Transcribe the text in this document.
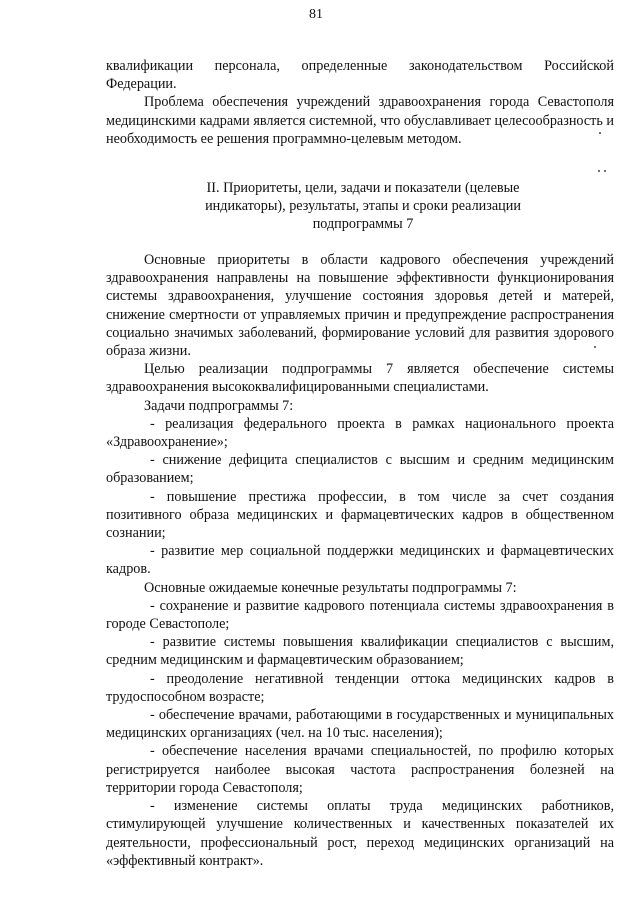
81

квалификации персонала, определенные законодательством Российской Федерации.

Проблема обеспечения учреждений здравоохранения города Севастополя медицинскими кадрами является системной, что обуславливает целесообразность и необходимость ее решения программно-целевым методом.

II. Приоритеты, цели, задачи и показатели (целевые

индикаторы), результаты, этапы и сроки реализации

подпрограммы 7

Основные приоритеты в области кадрового обеспечения учреждений здравоохранения направлены на повышение эффективности функционирования системы здравоохранения, улучшение состояния здоровья детей и матерей, снижение смертности от управляемых причин и предупреждение распространения социально значимых заболеваний, формирование условий для развития здорового образа жизни.

Целью реализации подпрограммы 7 является обеспечение системы здравоохранения высококвалифицированными специалистами.

Задачи подпрограммы 7:

- реализация федерального проекта в рамках национального проекта «Здравоохранение»;

- снижение дефицита специалистов с высшим и средним медицинским образованием;

- повышение престижа профессии, в том числе за счет создания позитивного образа медицинских и фармацевтических кадров в общественном сознании;

- развитие мер социальной поддержки медицинских и фармацевтических кадров.

Основные ожидаемые конечные результаты подпрограммы 7:

- сохранение и развитие кадрового потенциала системы здравоохранения в городе Севастополе;

- развитие системы повышения квалификации специалистов с высшим, средним медицинским и фармацевтическим образованием;

- преодоление негативной тенденции оттока медицинских кадров в трудоспособном возрасте;

- обеспечение врачами, работающими в государственных и муниципальных медицинских организациях (чел. на 10 тыс. населения);

- обеспечение населения врачами специальностей, по профилю которых регистрируется наиболее высокая частота распространения болезней на территории города Севастополя;

- изменение системы оплаты труда медицинских работников, стимулирующей улучшение количественных и качественных показателей их деятельности, профессиональный рост, переход медицинских организаций на «эффективный контракт».
